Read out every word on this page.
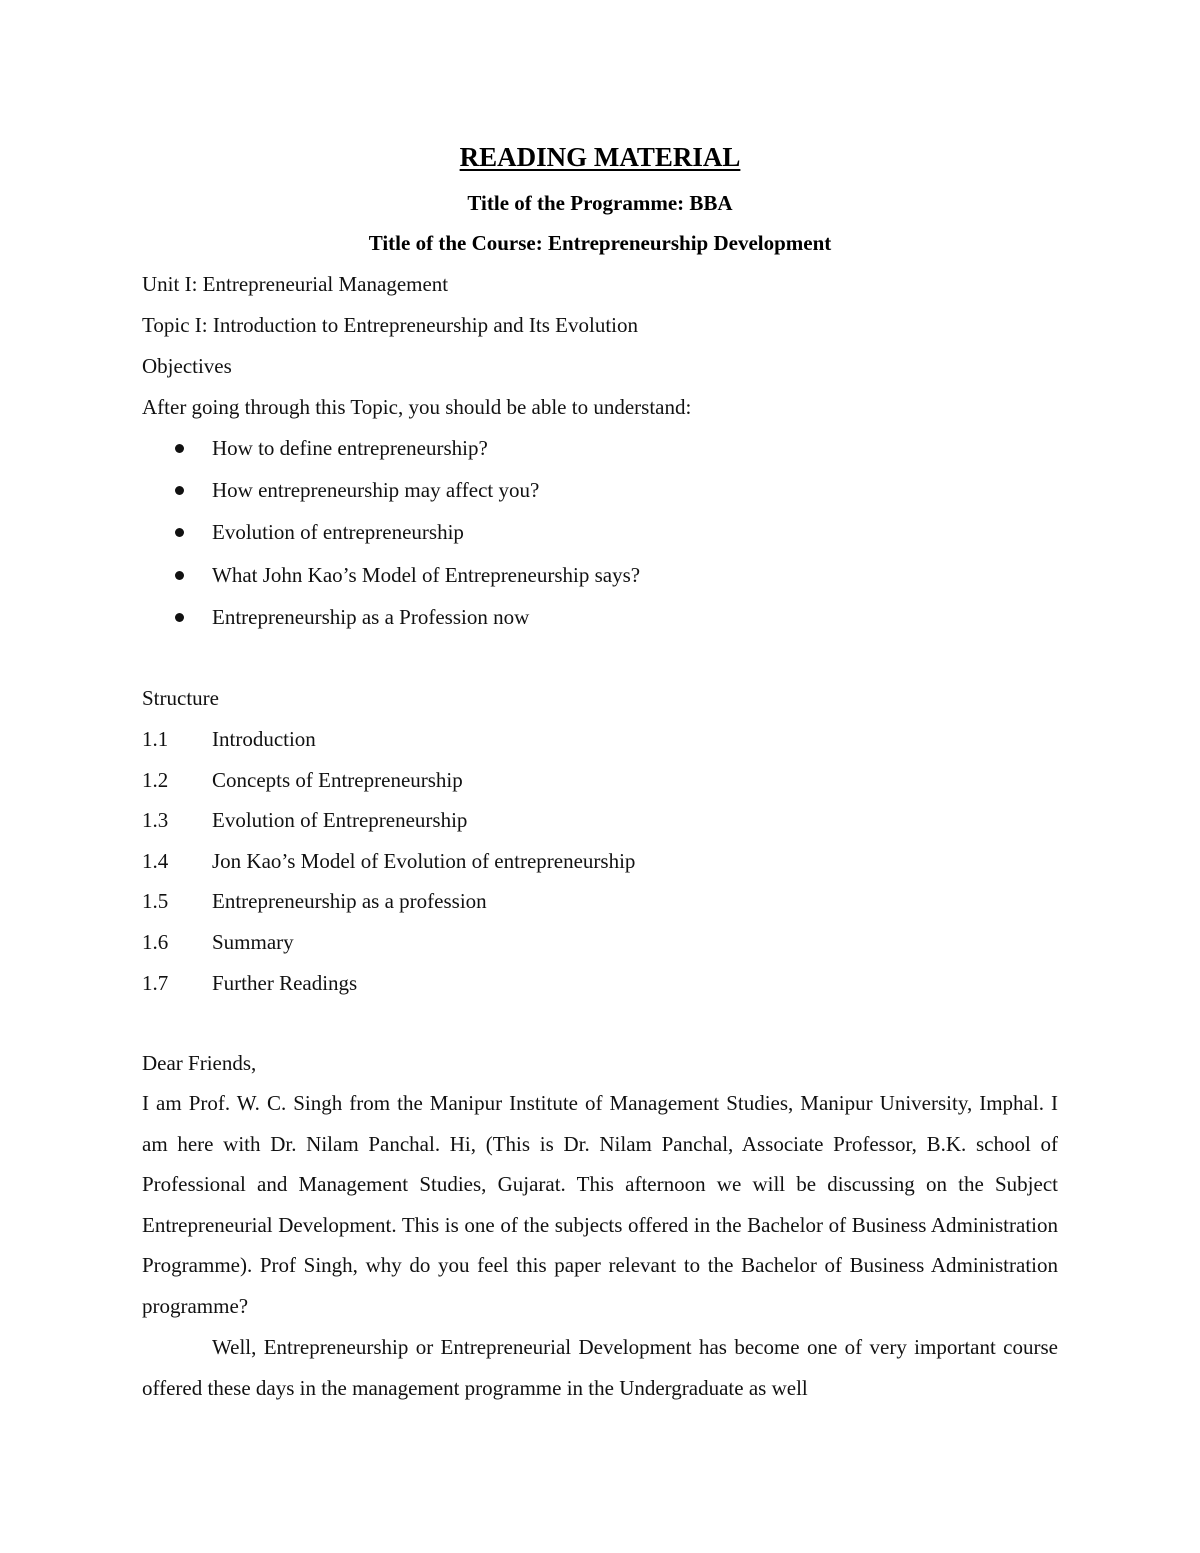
READING MATERIAL
Title of the Programme: BBA
Title of the Course: Entrepreneurship Development
Unit I: Entrepreneurial Management
Topic I: Introduction to Entrepreneurship and Its Evolution
Objectives
After going through this Topic, you should be able to understand:
How to define entrepreneurship?
How entrepreneurship may affect you?
Evolution of entrepreneurship
What John Kao’s Model of Entrepreneurship says?
Entrepreneurship as a Profession now
Structure
1.1 Introduction
1.2 Concepts of Entrepreneurship
1.3 Evolution of Entrepreneurship
1.4 Jon Kao’s Model of Evolution of entrepreneurship
1.5 Entrepreneurship as a profession
1.6 Summary
1.7 Further Readings
Dear Friends,

I am Prof. W. C. Singh from the Manipur Institute of Management Studies, Manipur University, Imphal. I am here with Dr. Nilam Panchal. Hi, (This is Dr. Nilam Panchal, Associate Professor, B.K. school of Professional and Management Studies, Gujarat. This afternoon we will be discussing on the Subject Entrepreneurial Development. This is one of the subjects offered in the Bachelor of Business Administration Programme). Prof Singh, why do you feel this paper relevant to the Bachelor of Business Administration programme?

Well, Entrepreneurship or Entrepreneurial Development has become one of very important course offered these days in the management programme in the Undergraduate as well
